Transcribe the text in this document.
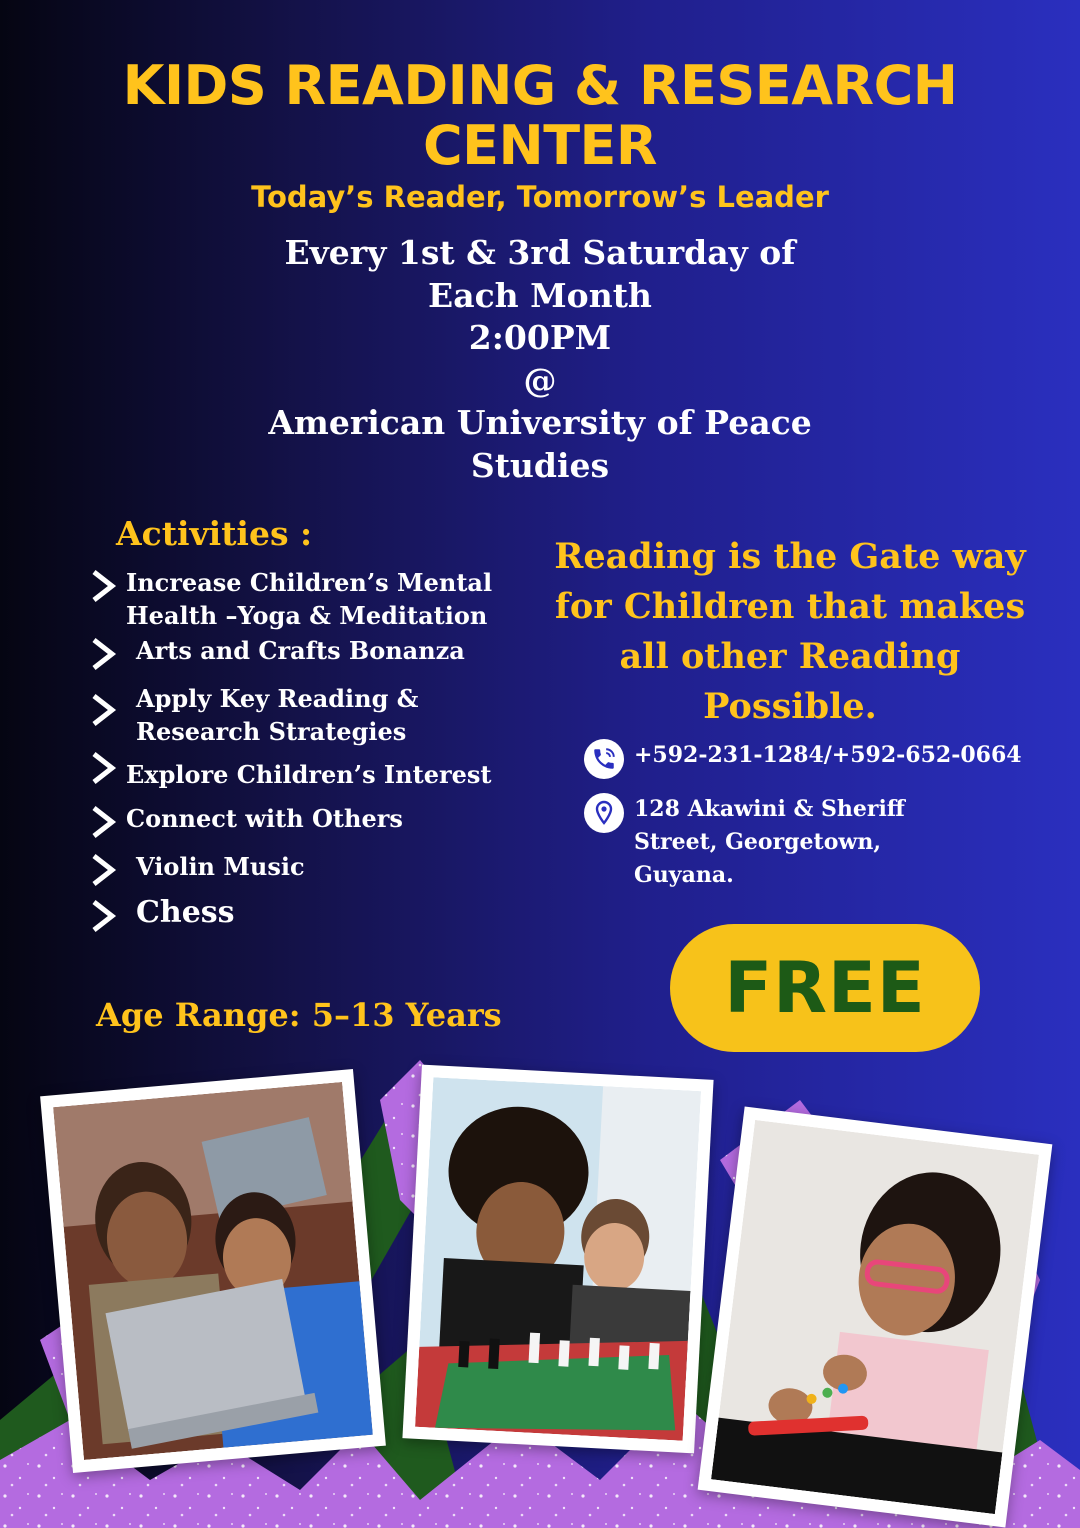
KIDS READING & RESEARCH
CENTER
Today’s Reader, Tomorrow’s Leader
Every 1st & 3rd Saturday of
Each Month
2:00PM
@
American University of Peace
Studies
Activities :
Increase Children’s Mental
Health –Yoga & Meditation
Arts and Crafts Bonanza
Apply Key Reading &
Research Strategies
Explore Children’s Interest
Connect with Others
Violin Music
Chess
Age Range: 5–13 Years
Reading is the Gate way
for Children that makes
all other Reading
Possible.
+592-231-1284/+592-652-0664
128 Akawini & Sheriff
Street, Georgetown,
Guyana.
FREE
